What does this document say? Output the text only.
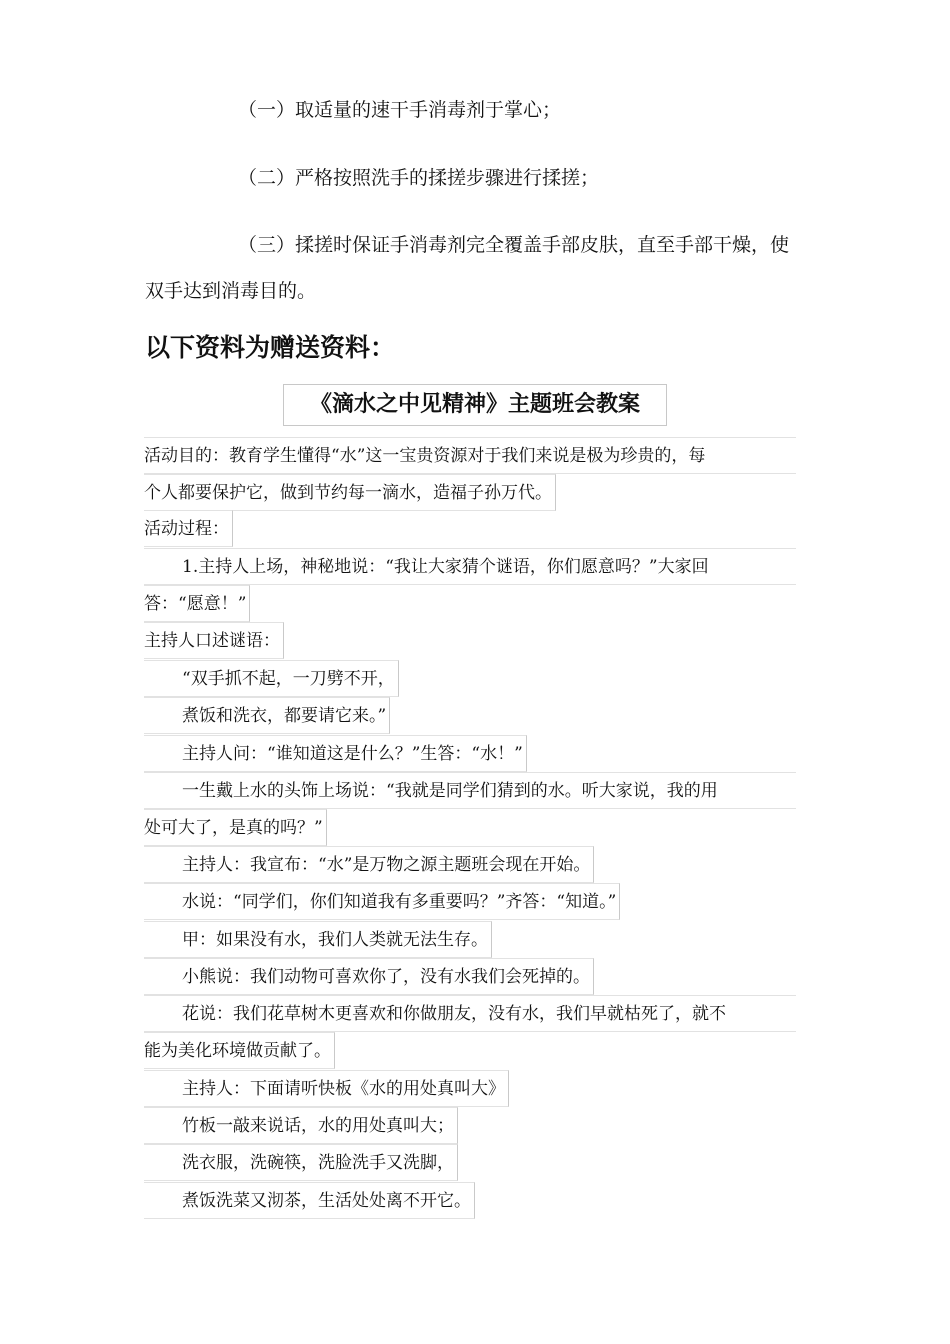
（一）取适量的速干手消毒剂于掌心；

（二）严格按照洗手的揉搓步骤进行揉搓；

（三）揉搓时保证手消毒剂完全覆盖手部皮肤，直至手部干燥，使双手达到消毒目的。

以下资料为赠送资料：
《滴水之中见精神》主题班会教案

活动目的：教育学生懂得“水”这一宝贵资源对于我们来说是极为珍贵的，每

个人都要保护它，做到节约每一滴水，造福子孙万代。

活动过程：

1.主持人上场，神秘地说：“我让大家猜个谜语，你们愿意吗？”大家回

答：“愿意！”

主持人口述谜语：

“双手抓不起，一刀劈不开，

煮饭和洗衣，都要请它来。”

主持人问：“谁知道这是什么？”生答：“水！”

一生戴上水的头饰上场说：“我就是同学们猜到的水。听大家说，我的用

处可大了，是真的吗？”

主持人：我宣布：“水”是万物之源主题班会现在开始。

水说：“同学们，你们知道我有多重要吗？”齐答：“知道。”

甲：如果没有水，我们人类就无法生存。

小熊说：我们动物可喜欢你了，没有水我们会死掉的。

花说：我们花草树木更喜欢和你做朋友，没有水，我们早就枯死了，就不

能为美化环境做贡献了。

主持人：下面请听快板《水的用处真叫大》

竹板一敲来说话，水的用处真叫大；

洗衣服，洗碗筷，洗脸洗手又洗脚，

煮饭洗菜又沏茶，生活处处离不开它。
